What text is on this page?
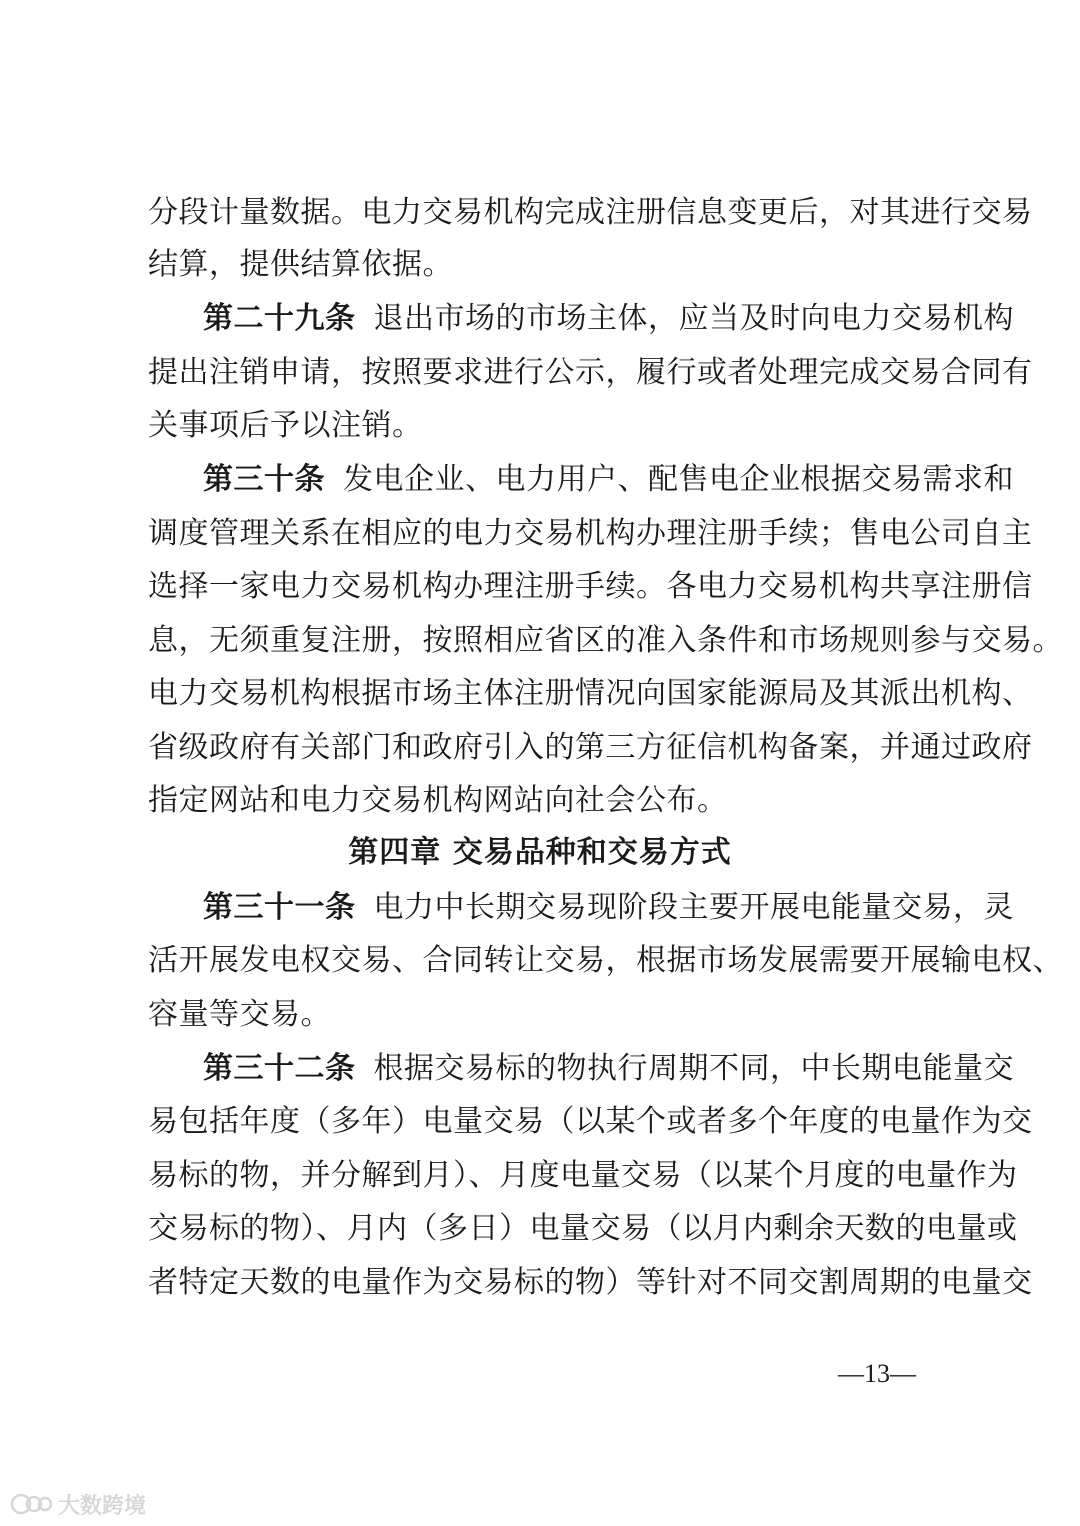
分段计量数据。电力交易机构完成注册信息变更后，对其进行交易
结算，提供结算依据。
第二十九条 退出市场的市场主体，应当及时向电力交易机构
提出注销申请，按照要求进行公示，履行或者处理完成交易合同有
关事项后予以注销。
第三十条 发电企业、电力用户、配售电企业根据交易需求和
调度管理关系在相应的电力交易机构办理注册手续；售电公司自主
选择一家电力交易机构办理注册手续。各电力交易机构共享注册信
息，无须重复注册，按照相应省区的准入条件和市场规则参与交易。
电力交易机构根据市场主体注册情况向国家能源局及其派出机构、
省级政府有关部门和政府引入的第三方征信机构备案，并通过政府
指定网站和电力交易机构网站向社会公布。
第四章 交易品种和交易方式
第三十一条 电力中长期交易现阶段主要开展电能量交易，灵
活开展发电权交易、合同转让交易，根据市场发展需要开展输电权、
容量等交易。
第三十二条 根据交易标的物执行周期不同，中长期电能量交
易包括年度（多年）电量交易（以某个或者多个年度的电量作为交
易标的物，并分解到月）、月度电量交易（以某个月度的电量作为
交易标的物）、月内（多日）电量交易（以月内剩余天数的电量或
者特定天数的电量作为交易标的物）等针对不同交割周期的电量交
—13—
大数跨境
